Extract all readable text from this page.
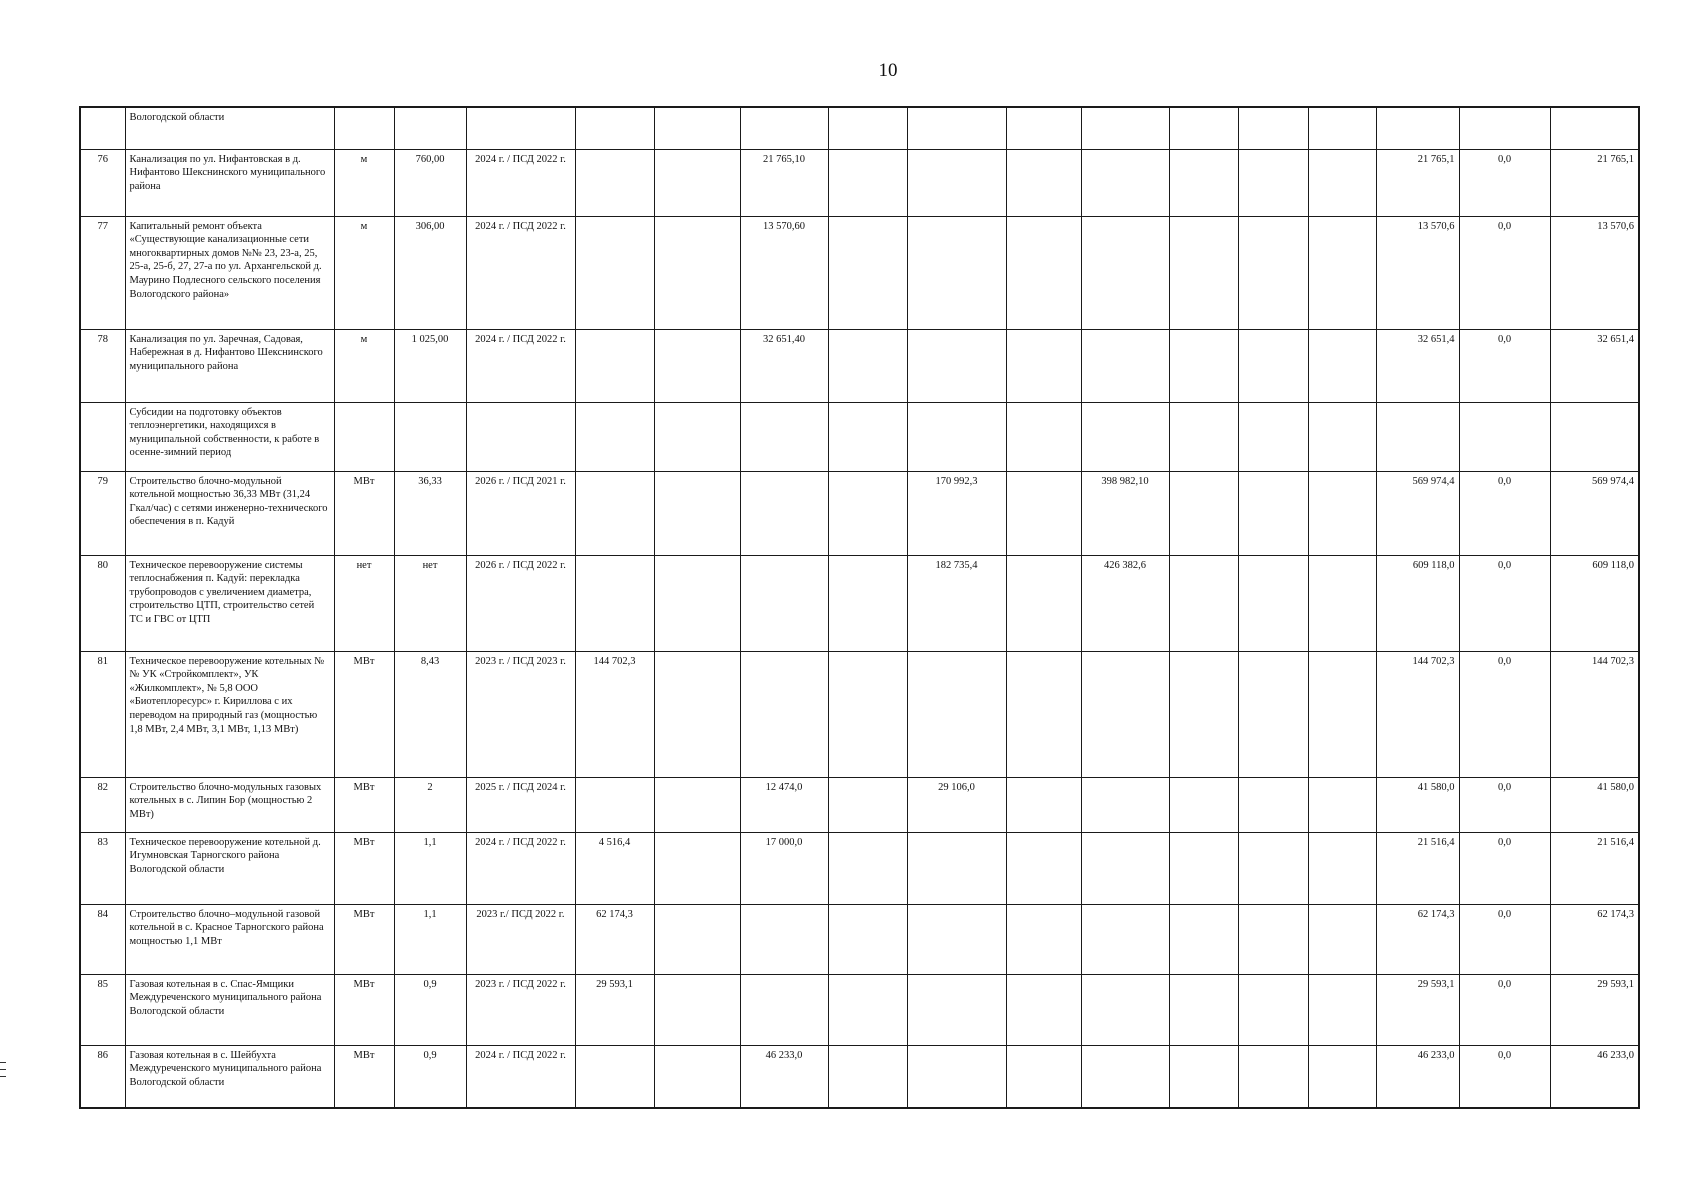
10
	Вологодской области																
76	Канализация по ул. Нифантовская в д. Нифантово Шекснинского муниципального района	м	760,00	2024 г. / ПСД 2022 г.			21 765,10								21 765,1	0,0	21 765,1
77	Капитальный ремонт объекта «Существующие канализационные сети многоквартирных домов №№ 23, 23-а, 25, 25-а, 25-б, 27, 27-а по ул. Архангельской д. Маурино Подлесного сельского поселения Вологодского района»	м	306,00	2024 г. / ПСД 2022 г.			13 570,60								13 570,6	0,0	13 570,6
78	Канализация по ул. Заречная, Садовая, Набережная в д. Нифантово Шекснинского муниципального района	м	1 025,00	2024 г. / ПСД 2022 г.			32 651,40								32 651,4	0,0	32 651,4
	Субсидии на подготовку объектов теплоэнергетики, находящихся в муниципальной собственности, к работе в осенне-зимний период																
79	Строительство блочно-модульной котельной мощностью 36,33 МВт (31,24 Гкал/час) с сетями инженерно-технического обеспечения в п. Кадуй	МВт	36,33	2026 г. / ПСД 2021 г.					170 992,3		398 982,10				569 974,4	0,0	569 974,4
80	Техническое перевооружение системы теплоснабжения п. Кадуй: перекладка трубопроводов с увеличением диаметра, строительство ЦТП, строительство сетей ТС и ГВС от ЦТП	нет	нет	2026 г. / ПСД 2022 г.					182 735,4		426 382,6				609 118,0	0,0	609 118,0
81	Техническое перевооружение котельных №№ УК «Стройкомплект», УК «Жилкомплект», № 5,8 ООО «Биотеплоресурс» г. Кириллова с их переводом на природный газ (мощностью 1,8 МВт, 2,4 МВт, 3,1 МВт, 1,13 МВт)	МВт	8,43	2023 г. / ПСД 2023 г.	144 702,3										144 702,3	0,0	144 702,3
82	Строительство блочно-модульных газовых котельных в с. Липин Бор (мощностью 2 МВт)	МВт	2	2025 г. / ПСД 2024 г.			12 474,0		29 106,0						41 580,0	0,0	41 580,0
83	Техническое перевооружение котельной д. Игумновская Тарногского района Вологодской области	МВт	1,1	2024 г. / ПСД 2022 г.	4 516,4		17 000,0								21 516,4	0,0	21 516,4
84	Строительство блочно–модульной газовой котельной в с. Красное Тарногского района мощностью 1,1 МВт	МВт	1,1	2023 г./ ПСД 2022 г.	62 174,3										62 174,3	0,0	62 174,3
85	Газовая котельная в с. Спас-Ямщики Междуреченского муниципального района Вологодской области	МВт	0,9	2023 г. / ПСД 2022 г.	29 593,1										29 593,1	0,0	29 593,1
86	Газовая котельная в с. Шейбухта Междуреченского муниципального района Вологодской области	МВт	0,9	2024 г. / ПСД 2022 г.			46 233,0								46 233,0	0,0	46 233,0
